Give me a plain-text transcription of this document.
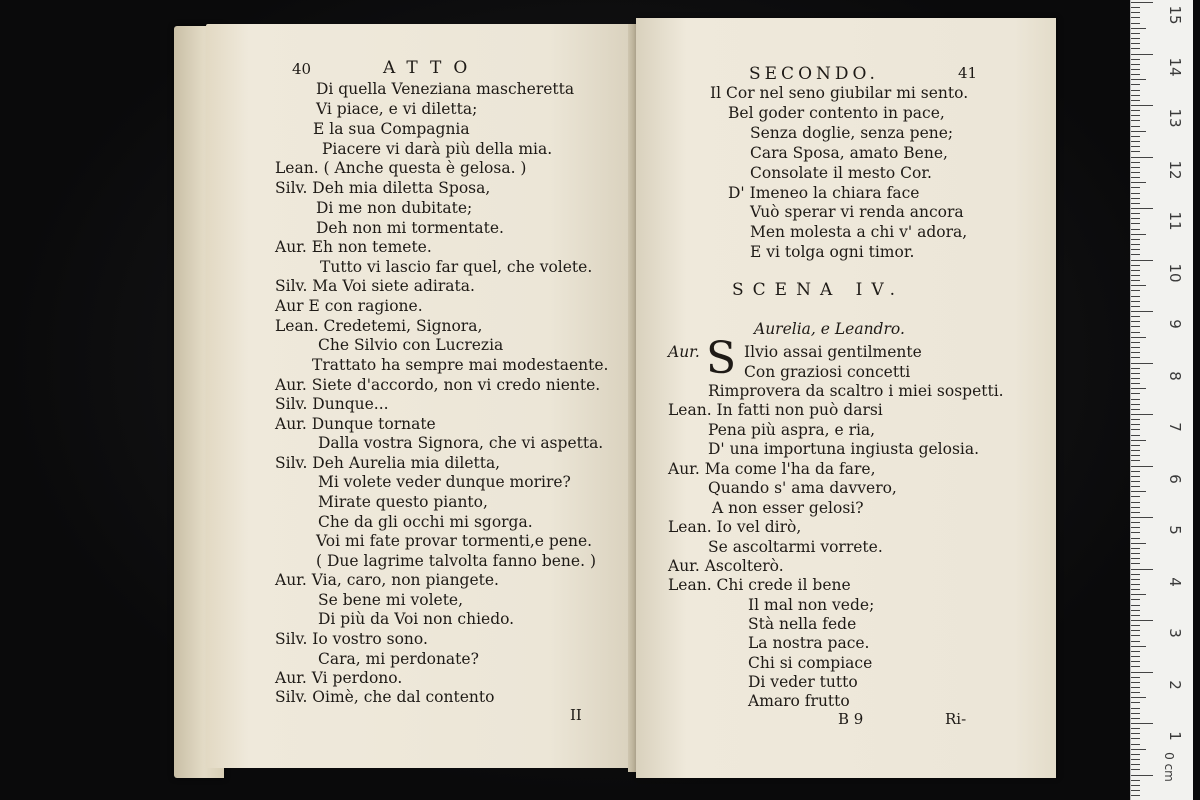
40	ATTO
Di quella Veneziana mascheretta
Vi piace, e vi diletta;
E la sua Compagnia
Piacere vi darà più della mia.
Lean. ( Anche questa è gelosa. )
Silv. Deh mia diletta Sposa,
Di me non dubitate;
Deh non mi tormentate.
Aur. Eh non temete.
Tutto vi lascio far quel, che volete.
Silv. Ma Voi siete adirata.
Aur E con ragione.
Lean. Credetemi, Signora,
Che Silvio con Lucrezia
Trattato ha sempre mai modestaente.
Aur. Siete d'accordo, non vi credo niente.
Silv. Dunque...
Aur. Dunque tornate
Dalla vostra Signora, che vi aspetta.
Silv. Deh Aurelia mia diletta,
Mi volete veder dunque morire?
Mirate questo pianto,
Che da gli occhi mi sgorga.
Voi mi fate provar tormenti,e pene.
( Due lagrime talvolta fanno bene. )
Aur. Via, caro, non piangete.
Se bene mi volete,
Di più da Voi non chiedo.
Silv. Io vostro sono.
Cara, mi perdonate?
Aur. Vi perdono.
Silv. Oimè, che dal contento
II
SECONDO.	41
Il Cor nel seno giubilar mi sento.
Bel goder contento in pace,
Senza doglie, senza pene;
Cara Sposa, amato Bene,
Consolate il mesto Cor.
D' Imeneo la chiara face
Vuò sperar vi renda ancora
Men molesta a chi v' adora,
E vi tolga ogni timor.
SCENA IV.
Aurelia, e Leandro.
Aur. S Ilvio assai gentilmente
Con graziosi concetti
Rimprovera da scaltro i miei sospetti.
Lean. In fatti non può darsi
Pena più aspra, e ria,
D' una importuna ingiusta gelosia.
Aur. Ma come l'ha da fare,
Quando s' ama davvero,
A non esser gelosi?
Lean. Io vel dirò,
Se ascoltarmi vorrete.
Aur. Ascolterò.
Lean. Chi crede il bene
Il mal non vede;
Stà nella fede
La nostra pace.
Chi si compiace
Di veder tutto
Amaro frutto
B 9	Ri-
15
14
13
12
11
10
9
8
7
6
5
4
3
2
1
0 cm
